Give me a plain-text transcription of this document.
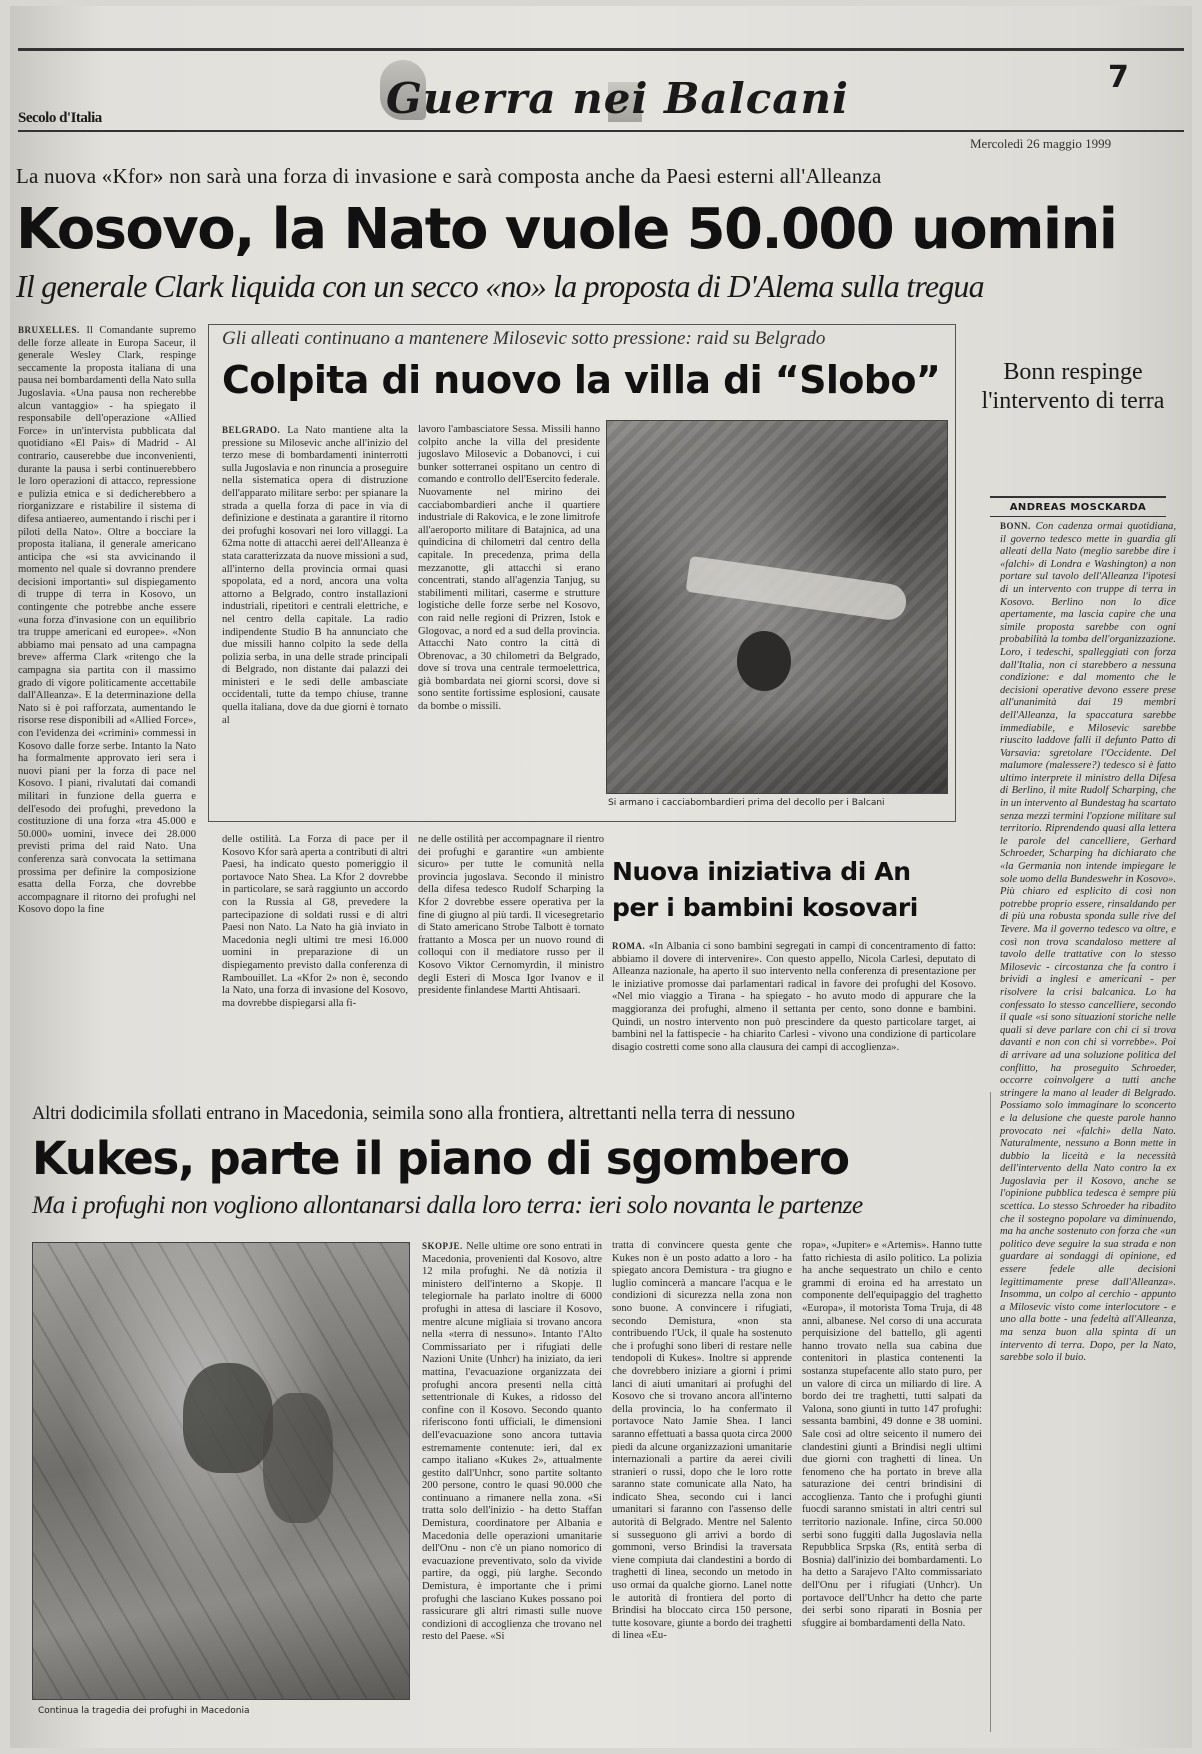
Secolo d'Italia	Guerra nei Balcani	7
Mercoledì 26 maggio 1999
La nuova «Kfor» non sarà una forza di invasione e sarà composta anche da Paesi esterni all'Alleanza
Kosovo, la Nato vuole 50.000 uomini
Il generale Clark liquida con un secco «no» la proposta di D'Alema sulla tregua
BRUXELLES. Il Comandante supremo delle forze alleate in Europa Saceur, il generale Wesley Clark, respinge seccamente la proposta italiana di una pausa nei bombardamenti della Nato sulla Jugoslavia. «Una pausa non recherebbe alcun vantaggio» - ha spiegato il responsabile dell'operazione «Allied Force» in un'intervista pubblicata dal quotidiano «El Pais» di Madrid - Al contrario, causerebbe due inconvenienti, durante la pausa i serbi continuerebbero le loro operazioni di attacco, repressione e pulizia etnica e si dedicherebbero a riorganizzare e ristabilire il sistema di difesa antiaereo, aumentando i rischi per i piloti della Nato». Oltre a bocciare la proposta italiana, il generale americano anticipa che «si sta avvicinando il momento nel quale si dovranno prendere decisioni importanti» sul dispiegamento di truppe di terra in Kosovo, un contingente che potrebbe anche essere «una forza d'invasione con un equilibrio tra truppe americani ed europee». «Non abbiamo mai pensato ad una campagna breve» afferma Clark «ritengo che la campagna sia partita con il massimo grado di vigore politicamente accettabile dall'Alleanza». E la determinazione della Nato si è poi rafforzata, aumentando le risorse rese disponibili ad «Allied Force», con l'evidenza dei «crimini» commessi in Kosovo dalle forze serbe. Intanto la Nato ha formalmente approvato ieri sera i nuovi piani per la forza di pace nel Kosovo. I piani, rivalutati dai comandi militari in funzione della guerra e dell'esodo dei profughi, prevedono la costituzione di una forza «tra 45.000 e 50.000» uomini, invece dei 28.000 previsti prima del raid Nato. Una conferenza sarà convocata la settimana prossima per definire la composizione esatta della Forza, che dovrebbe accompagnare il ritorno dei profughi nel Kosovo dopo la fine
Gli alleati continuano a mantenere Milosevic sotto pressione: raid su Belgrado
Colpita di nuovo la villa di “Slobo”
BELGRADO. La Nato mantiene alta la pressione su Milosevic anche all'inizio del terzo mese di bombardamenti ininterrotti sulla Jugoslavia e non rinuncia a proseguire nella sistematica opera di distruzione dell'apparato militare serbo: per spianare la strada a quella forza di pace in via di definizione e destinata a garantire il ritorno dei profughi kosovari nei loro villaggi. La 62ma notte di attacchi aerei dell'Alleanza è stata caratterizzata da nuove missioni a sud, all'interno della provincia ormai quasi spopolata, ed a nord, ancora una volta attorno a Belgrado, contro installazioni industriali, ripetitori e centrali elettriche, e nel centro della capitale. La radio indipendente Studio B ha annunciato che due missili hanno colpito la sede della polizia serba, in una delle strade principali di Belgrado, non distante dai palazzi dei ministeri e le sedi delle ambasciate occidentali, tutte da tempo chiuse, tranne quella italiana, dove da due giorni è tornato al
lavoro l'ambasciatore Sessa. Missili hanno colpito anche la villa del presidente jugoslavo Milosevic a Dobanovci, i cui bunker sotterranei ospitano un centro di comando e controllo dell'Esercito federale. Nuovamente nel mirino dei cacciabombardieri anche il quartiere industriale di Rakovica, e le zone limitrofe all'aeroporto militare di Batajnica, ad una quindicina di chilometri dal centro della capitale. In precedenza, prima della mezzanotte, gli attacchi si erano concentrati, stando all'agenzia Tanjug, su stabilimenti militari, caserme e strutture logistiche delle forze serbe nel Kosovo, con raid nelle regioni di Prizren, Istok e Glogovac, a nord ed a sud della provincia. Attacchi Nato contro la città di Obrenovac, a 30 chilometri da Belgrado, dove si trova una centrale termoelettrica, già bombardata nei giorni scorsi, dove si sono sentite fortissime esplosioni, causate da bombe o missili.
Si armano i cacciabombardieri prima del decollo per i Balcani
Bonn respinge l'intervento di terra
ANDREAS MOSCKARDA
BONN. Con cadenza ormai quotidiana, il governo tedesco mette in guardia gli alleati della Nato (meglio sarebbe dire i «falchi» di Londra e Washington) a non portare sul tavolo dell'Alleanza l'ipotesi di un intervento con truppe di terra in Kosovo. Berlino non lo dice apertamente, ma lascia capire che una simile proposta sarebbe con ogni probabilità la tomba dell'organizzazione. Loro, i tedeschi, spalleggiati con forza dall'Italia, non ci starebbero a nessuna condizione: e dal momento che le decisioni operative devono essere prese all'unanimità dai 19 membri dell'Alleanza, la spaccatura sarebbe immediabile, e Milosevic sarebbe riuscito laddove falli il defunto Patto di Varsavia: sgretolare l'Occidente. Del malumore (malessere?) tedesco si è fatto ultimo interprete il ministro della Difesa di Berlino, il mite Rudolf Scharping, che in un intervento al Bundestag ha scartato senza mezzi termini l'opzione militare sul territorio. Riprendendo quasi alla lettera le parole del cancelliere, Gerhard Schroeder, Scharping ha dichiarato che «la Germania non intende impiegare le sole uomo della Bundeswehr in Kosovo». Più chiaro ed esplicito di così non potrebbe proprio essere, rinsaldando per di più una robusta sponda sulle rive del Tevere. Ma il governo tedesco va oltre, e così non trova scandaloso mettere al tavolo delle trattative con lo stesso Milosevic - circostanza che fa contro i brividi a inglesi e americani - per risolvere la crisi balcanica. Lo ha confessato lo stesso cancelliere, secondo il quale «si sono situazioni storiche nelle quali si deve parlare con chi ci si trova davanti e non con chi si vorrebbe». Poi di arrivare ad una soluzione politica del conflitto, ha proseguito Schroeder, occorre coinvolgere a tutti anche stringere la mano al leader di Belgrado. Possiamo solo immaginare lo sconcerto e la delusione che queste parole hanno provocato nei «falchi» della Nato. Naturalmente, nessuno a Bonn mette in dubbio la liceità e la necessità dell'intervento della Nato contro la ex Jugoslavia per il Kosovo, anche se l'opinione pubblica tedesca è sempre più scettica. Lo stesso Schroeder ha ribadito che il sostegno popolare va diminuendo, ma ha anche sostenuto con forza che «un politico deve seguire la sua strada e non guardare ai sondaggi di opinione, ed essere fedele alle decisioni legittimamente prese dall'Alleanza». Insomma, un colpo al cerchio - appunto a Milosevic visto come interlocutore - e uno alla botte - una fedeltà all'Alleanza, ma senza buon alla spinta di un intervento di terra. Dopo, per la Nato, sarebbe solo il buio.
delle ostilità. La Forza di pace per il Kosovo Kfor sarà aperta a contributi di altri Paesi, ha indicato questo pomeriggio il portavoce Nato Shea. La Kfor 2 dovrebbe in particolare, se sarà raggiunto un accordo con la Russia al G8, prevedere la partecipazione di soldati russi e di altri Paesi non Nato. La Nato ha già inviato in Macedonia negli ultimi tre mesi 16.000 uomini in preparazione di un dispiegamento previsto dalla conferenza di Rambouillet. La «Kfor 2» non è, secondo la Nato, una forza di invasione del Kosovo, ma dovrebbe dispiegarsi alla fi-
ne delle ostilità per accompagnare il rientro dei profughi e garantire «un ambiente sicuro» per tutte le comunità nella provincia jugoslava. Secondo il ministro della difesa tedesco Rudolf Scharping la Kfor 2 dovrebbe essere operativa per la fine di giugno al più tardi. Il vicesegretario di Stato americano Strobe Talbott è tornato frattanto a Mosca per un nuovo round di colloqui con il mediatore russo per il Kosovo Viktor Cernomyrdin, il ministro degli Esteri di Mosca Igor Ivanov e il presidente finlandese Martti Ahtisaari.
Nuova iniziativa di An
per i bambini kosovari
ROMA. «In Albania ci sono bambini segregati in campi di concentramento di fatto: abbiamo il dovere di intervenire». Con questo appello, Nicola Carlesi, deputato di Alleanza nazionale, ha aperto il suo intervento nella conferenza di presentazione per le iniziative promosse dai parlamentari radical in favore dei profughi del Kosovo. «Nel mio viaggio a Tirana - ha spiegato - ho avuto modo di appurare che la maggioranza dei profughi, almeno il settanta per cento, sono donne e bambini. Quindi, un nostro intervento non può prescindere da questo particolare target, ai bambini nel la fattispecie - ha chiarito Carlesi - vivono una condizione di particolare disagio costretti come sono alla clausura dei campi di accoglienza».
Altri dodicimila sfollati entrano in Macedonia, seimila sono alla frontiera, altrettanti nella terra di nessuno
Kukes, parte il piano di sgombero
Ma i profughi non vogliono allontanarsi dalla loro terra: ieri solo novanta le partenze
Continua la tragedia dei profughi in Macedonia
SKOPJE. Nelle ultime ore sono entrati in Macedonia, provenienti dal Kosovo, altre 12 mila profughi. Ne dà notizia il ministero dell'interno a Skopje. Il telegiornale ha parlato inoltre di 6000 profughi in attesa di lasciare il Kosovo, mentre alcune migliaia si trovano ancora nella «terra di nessuno». Intanto l'Alto Commissariato per i rifugiati delle Nazioni Unite (Unhcr) ha iniziato, da ieri mattina, l'evacuazione organizzata dei profughi ancora presenti nella città settentrionale di Kukes, a ridosso del confine con il Kosovo. Secondo quanto riferiscono fonti ufficiali, le dimensioni dell'evacuazione sono ancora tuttavia estremamente contenute: ieri, dal ex campo italiano «Kukes 2», attualmente gestito dall'Unhcr, sono partite soltanto 200 persone, contro le quasi 90.000 che continuano a rimanere nella zona. «Si tratta solo dell'inizio - ha detto Staffan Demistura, coordinatore per Albania e Macedonia delle operazioni umanitarie dell'Onu - non c'è un piano nomorico di evacuazione preventivato, solo da vivide partire, da oggi, più larghe. Secondo Demistura, è importante che i primi profughi che lasciano Kukes possano poi rassicurare gli altri rimasti sulle nuove condizioni di accoglienza che trovano nel resto del Paese. «Si
tratta di convincere questa gente che Kukes non è un posto adatto a loro - ha spiegato ancora Demistura - tra giugno e luglio comincerà a mancare l'acqua e le condizioni di sicurezza nella zona non sono buone. A convincere i rifugiati, secondo Demistura, «non sta contribuendo l'Uck, il quale ha sostenuto che i profughi sono liberi di restare nelle tendopoli di Kukes». Inoltre si apprende che dovrebbero iniziare a giorni i primi lanci di aiuti umanitari ai profughi del Kosovo che si trovano ancora all'interno della provincia, lo ha confermato il portavoce Nato Jamie Shea. I lanci saranno effettuati a bassa quota circa 2000 piedi da alcune organizzazioni umanitarie internazionali a partire da aerei civili stranieri o russi, dopo che le loro rotte saranno state comunicate alla Nato, ha indicato Shea, secondo cui i lanci umanitari si faranno con l'assenso delle autorità di Belgrado. Mentre nel Salento si susseguono gli arrivi a bordo di gommoni, verso Brindisi la traversata viene compiuta dai clandestini a bordo di traghetti di linea, secondo un metodo in uso ormai da qualche giorno. Lanel notte le autorità di frontiera del porto di Brindisi ha bloccato circa 150 persone, tutte kosovare, giunte a bordo dei traghetti di linea «Eu-
ropa», «Jupiter» e «Artemis». Hanno tutte fatto richiesta di asilo politico. La polizia ha anche sequestrato un chilo e cento grammi di eroina ed ha arrestato un componente dell'equipaggio del traghetto «Europa», il motorista Toma Truja, di 48 anni, albanese. Nel corso di una accurata perquisizione del battello, gli agenti hanno trovato nella sua cabina due contenitori in plastica contenenti la sostanza stupefacente allo stato puro, per un valore di circa un miliardo di lire. A bordo dei tre traghetti, tutti salpati da Valona, sono giunti in tutto 147 profughi: sessanta bambini, 49 donne e 38 uomini. Sale così ad oltre seicento il numero dei clandestini giunti a Brindisi negli ultimi due giorni con traghetti di linea. Un fenomeno che ha portato in breve alla saturazione dei centri brindisini di accoglienza. Tanto che i profughi giunti fuocdi saranno smistati in altri centri sul territorio nazionale. Infine, circa 50.000 serbi sono fuggiti dalla Jugoslavia nella Repubblica Srpska (Rs, entità serba di Bosnia) dall'inizio dei bombardamenti. Lo ha detto a Sarajevo l'Alto commissariato dell'Onu per i rifugiati (Unhcr). Un portavoce dell'Unhcr ha detto che parte dei serbi sono riparati in Bosnia per sfuggire ai bombardamenti della Nato.
